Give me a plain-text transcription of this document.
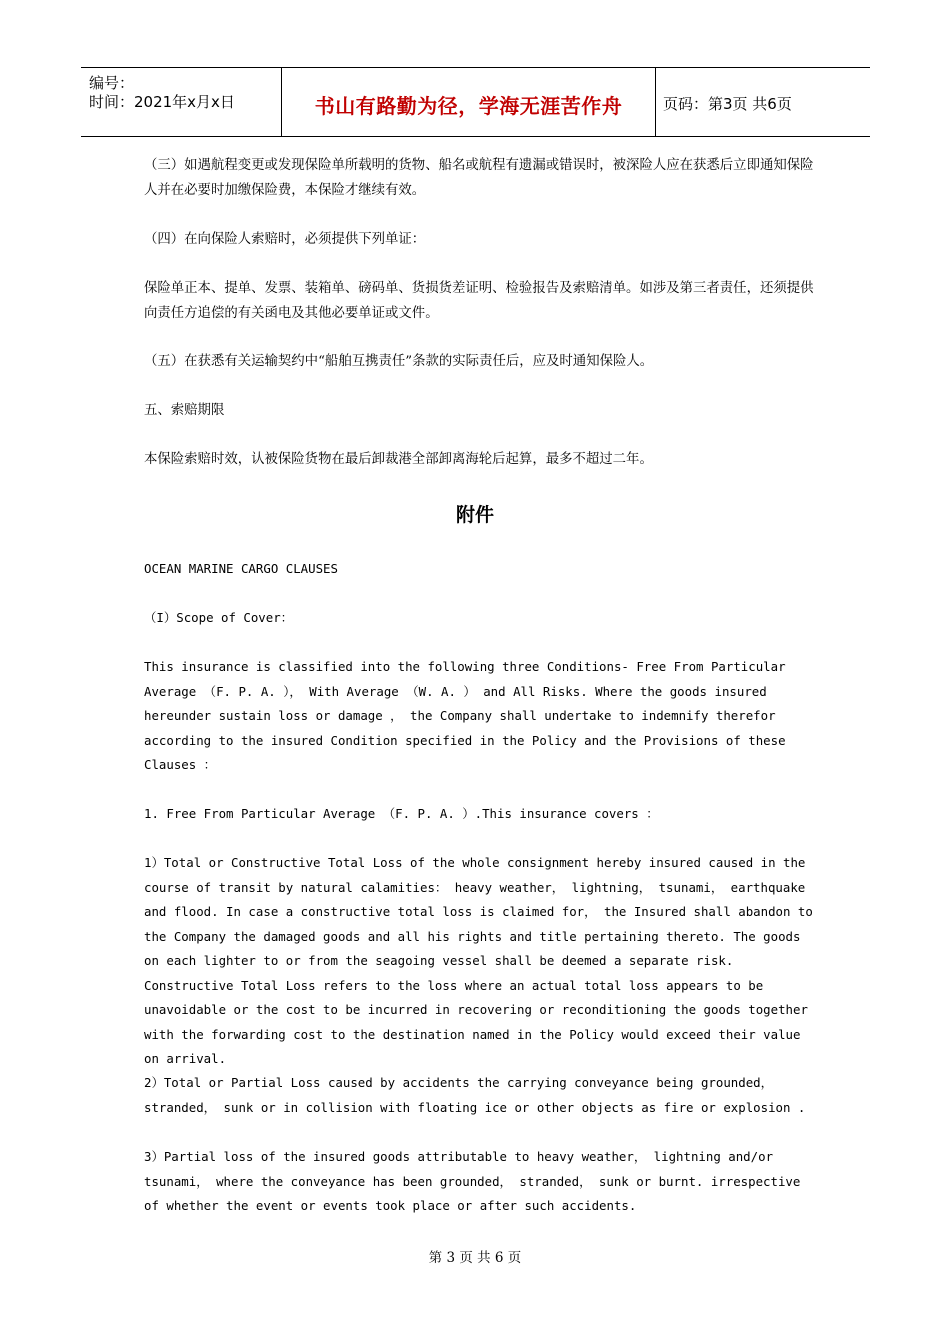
编号：
时间：2021年x月x日	书山有路勤为径，学海无涯苦作舟	页码：第3页 共6页

（三）如遇航程变更或发现保险单所载明的货物、船名或航程有遗漏或错误时，被深险人应在获悉后立即通知保险人并在必要时加缴保险费，本保险才继续有效。

（四）在向保险人索赔时，必须提供下列单证：

保险单正本、提单、发票、装箱单、磅码单、货损货差证明、检验报告及索赔清单。如涉及第三者责任，还须提供向责任方追偿的有关函电及其他必要单证或文件。

（五）在获悉有关运输契约中“船舶互携责任”条款的实际责任后，应及时通知保险人。

五、索赔期限

本保险索赔时效，认被保险货物在最后卸裁港全部卸离海轮后起算，最多不超过二年。

附件

OCEAN MARINE CARGO CLAUSES

（I）Scope of Cover：

This insurance is classified into the following three Conditions- Free From Particular Average （F. P. A. ）， With Average （W. A. ） and All Risks. Where the goods insured hereunder sustain loss or damage ， the Company shall undertake to indemnify therefor according to the insured Condition specified in the Policy and the Provisions of these Clauses ：

1. Free From Particular Average （F. P. A. ）.This insurance covers ：

1）Total or Constructive Total Loss of the whole consignment hereby insured caused in the course of transit by natural calamities： heavy weather， lightning， tsunami， earthquake and flood. In case a constructive total loss is claimed for， the Insured shall abandon to the Company the damaged goods and all his rights and title pertaining thereto. The goods on each lighter to or from the seagoing vessel shall be deemed a separate risk. Constructive Total Loss refers to the loss where an actual total loss appears to be unavoidable or the cost to be incurred in recovering or reconditioning the goods together with the forwarding cost to the destination named in the Policy would exceed their value on arrival.

2）Total or Partial Loss caused by accidents the carrying conveyance being grounded， stranded， sunk or in collision with floating ice or other objects as fire or explosion .

3）Partial loss of the insured goods attributable to heavy weather， lightning and/or tsunami， where the conveyance has been grounded， stranded， sunk or burnt. irrespective of whether the event or events took place or after such accidents.

第 3 页 共 6 页
